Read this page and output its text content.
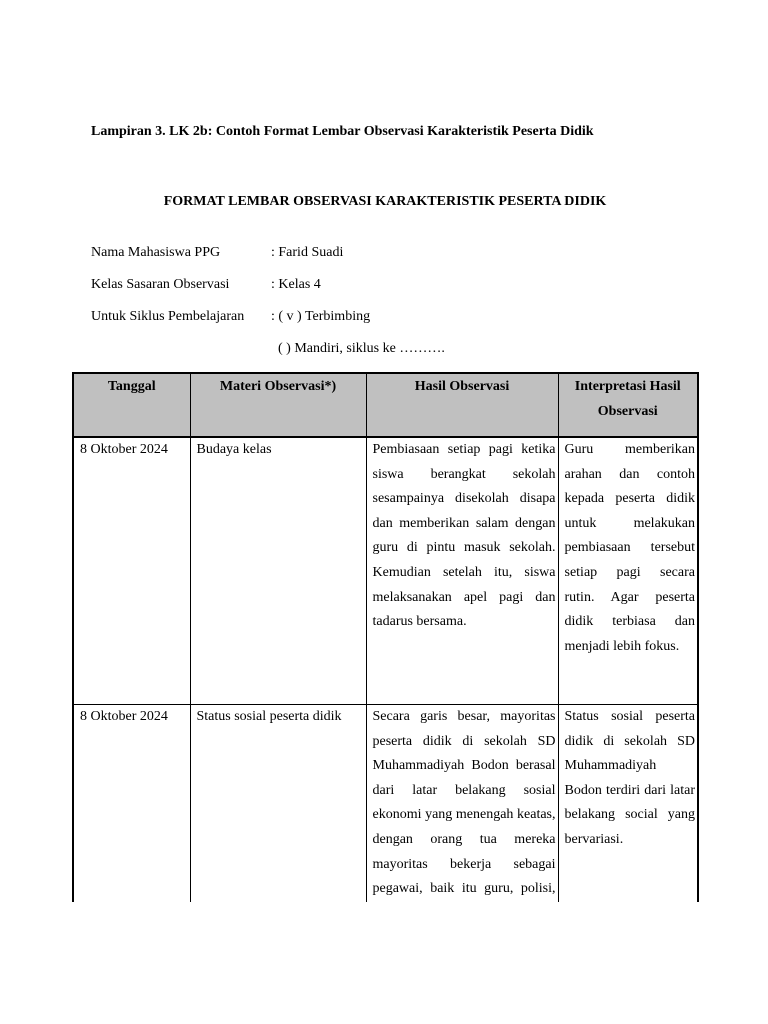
Lampiran 3. LK 2b: Contoh Format Lembar Observasi Karakteristik Peserta Didik
FORMAT LEMBAR OBSERVASI KARAKTERISTIK PESERTA DIDIK
Nama Mahasiswa PPG	: Farid Suadi
Kelas Sasaran Observasi	: Kelas 4
Untuk Siklus Pembelajaran : ( v ) Terbimbing
( ) Mandiri, siklus ke ……….
Tanggal	Materi Observasi*)	Hasil Observasi	Interpretasi Hasil Observasi
8 Oktober 2024	Budaya kelas	Pembiasaan setiap pagi ketika siswa berangkat sekolah sesampainya disekolah disapa dan memberikan salam dengan guru di pintu masuk sekolah. Kemudian setelah itu, siswa melaksanakan apel pagi dan tadarus bersama.	Guru memberikan arahan dan contoh kepada peserta didik untuk melakukan pembiasaan tersebut setiap pagi secara rutin. Agar peserta didik terbiasa dan menjadi lebih fokus.
8 Oktober 2024	Status sosial peserta didik	Secara garis besar, mayoritas peserta didik di sekolah SD Muhammadiyah Bodon berasal dari latar belakang sosial ekonomi yang menengah keatas, dengan orang tua mereka mayoritas bekerja sebagai pegawai, baik itu guru, polisi,	Status sosial peserta didik di sekolah SD Muhammadiyah Bodon terdiri dari latar belakang social yang bervariasi.
